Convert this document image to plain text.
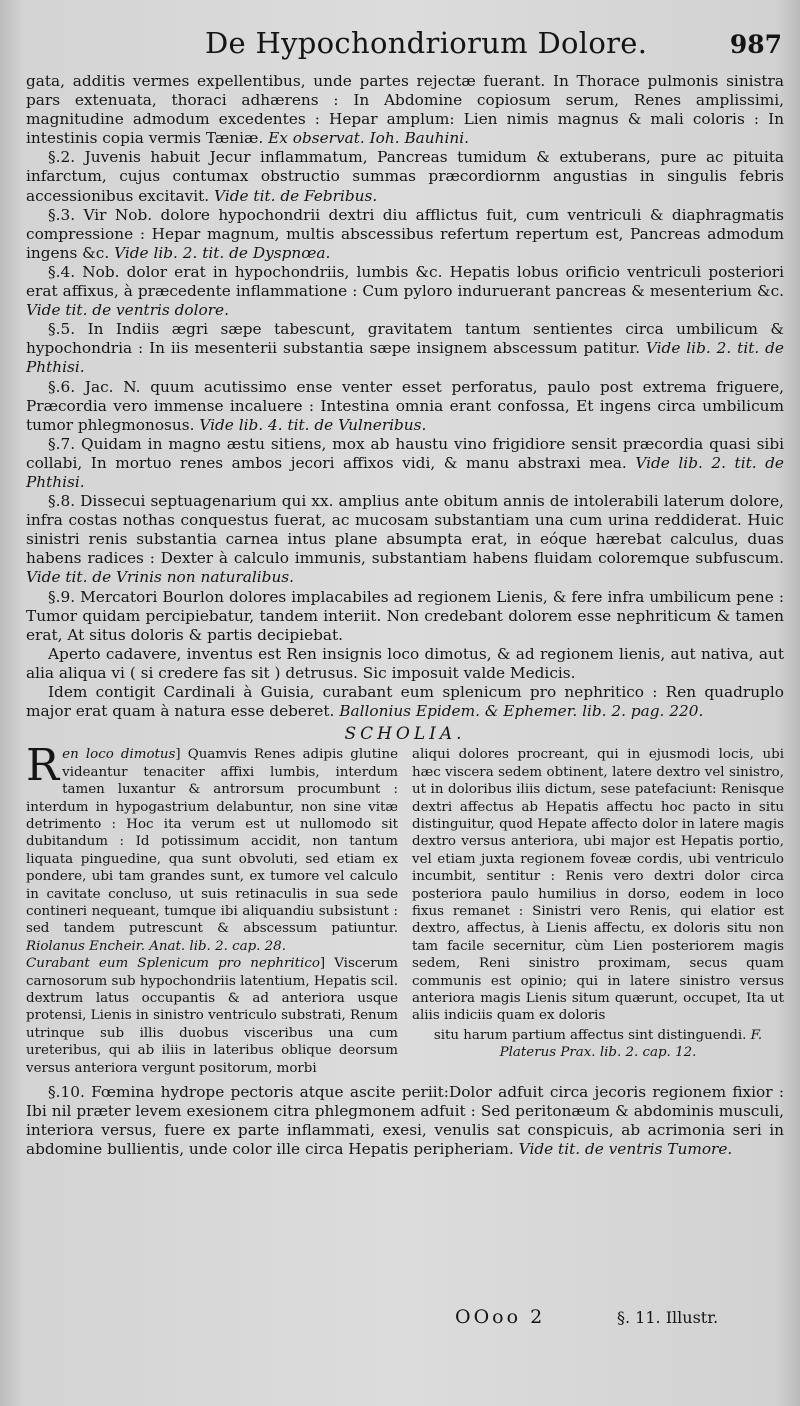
De Hypochondriorum Dolore.	987

gata, additis vermes expellentibus, unde partes rejectæ fuerant. In Thorace pulmonis sinistra pars extenuata, thoraci adhærens : In Abdomine copiosum serum, Renes amplissimi, magnitudine admodum excedentes : Hepar amplum: Lien nimis magnus & mali coloris : In intestinis copia vermis Tæniæ. Ex observat. Ioh. Bauhini.

§.2. Juvenis habuit Jecur inflammatum, Pancreas tumidum & extuberans, pure ac pituita infarctum, cujus contumax obstructio summas præcordiornm angustias in singulis febris accessionibus excitavit. Vide tit. de Febribus.

§.3. Vir Nob. dolore hypochondrii dextri diu afflictus fuit, cum ventriculi & diaphragmatis compressione : Hepar magnum, multis abscessibus refertum repertum est, Pancreas admodum ingens &c. Vide lib. 2. tit. de Dyspnœa.

§.4. Nob. dolor erat in hypochondriis, lumbis &c. Hepatis lobus orificio ventriculi posteriori erat affixus, à præcedente inflammatione : Cum pyloro induruerant pancreas & mesenterium &c. Vide tit. de ventris dolore.

§.5. In Indiis ægri sæpe tabescunt, gravitatem tantum sentientes circa umbilicum & hypochondria : In iis mesenterii substantia sæpe insignem abscessum patitur. Vide lib. 2. tit. de Phthisi.

§.6. Jac. N. quum acutissimo ense venter esset perforatus, paulo post extrema friguere, Præcordia vero immense incaluere : Intestina omnia erant confossa, Et ingens circa umbilicum tumor phlegmonosus. Vide lib. 4. tit. de Vulneribus.

§.7. Quidam in magno æstu sitiens, mox ab haustu vino frigidiore sensit præcordia quasi sibi collabi, In mortuo renes ambos jecori affixos vidi, & manu abstraxi mea. Vide lib. 2. tit. de Phthisi.

§.8. Dissecui septuagenarium qui xx. amplius ante obitum annis de intolerabili laterum dolore, infra costas nothas conquestus fuerat, ac mucosam substantiam una cum urina reddiderat. Huic sinistri renis substantia carnea intus plane absumpta erat, in eóque hærebat calculus, duas habens radices : Dexter à calculo immunis, substantiam habens fluidam coloremque subfuscum. Vide tit. de Vrinis non naturalibus.

§.9. Mercatori Bourlon dolores implacabiles ad regionem Lienis, & fere infra umbilicum pene : Tumor quidam percipiebatur, tandem interiit. Non credebant dolorem esse nephriticum & tamen erat, At situs doloris & partis decipiebat.

Aperto cadavere, inventus est Ren insignis loco dimotus, & ad regionem lienis, aut nativa, aut alia aliqua vi ( si credere fas sit ) detrusus. Sic imposuit valde Medicis.

Idem contigit Cardinali à Guisia, curabant eum splenicum pro nephritico : Ren quadruplo major erat quam à natura esse deberet. Ballonius Epidem. & Ephemer. lib. 2. pag. 220.

SCHOLIA.

Ren loco dimotus] Quamvis Renes adipis glutine videantur tenaciter affixi lumbis, interdum tamen luxantur & antrorsum procumbunt : interdum in hypogastrium delabuntur, non sine vitæ detrimento : Hoc ita verum est ut nullomodo sit dubitandum : Id potissimum accidit, non tantum liquata pinguedine, qua sunt obvoluti, sed etiam ex pondere, ubi tam grandes sunt, ex tumore vel calculo in cavitate concluso, ut suis retinaculis in sua sede contineri nequeant, tumque ibi aliquandiu subsistunt : sed tandem putrescunt & abscessum patiuntur. Riolanus Encheir. Anat. lib. 2. cap. 28.

Curabant eum Splenicum pro nephritico] Viscerum carnosorum sub hypochondriis latentium, Hepatis scil. dextrum latus occupantis & ad anteriora usque protensi, Lienis in sinistro ventriculo substrati, Renum utrinque sub illis duobus visceribus una cum ureteribus, qui ab iliis in lateribus oblique deorsum versus anteriora vergunt positorum, morbi

aliqui dolores procreant, qui in ejusmodi locis, ubi hæc viscera sedem obtinent, latere dextro vel sinistro, ut in doloribus iliis dictum, sese patefaciunt: Renisque dextri affectus ab Hepatis affectu hoc pacto in situ distinguitur, quod Hepate affecto dolor in latere magis dextro versus anteriora, ubi major est Hepatis portio, vel etiam juxta regionem foveæ cordis, ubi ventriculo incumbit, sentitur : Renis vero dextri dolor circa posteriora paulo humilius in dorso, eodem in loco fixus remanet : Sinistri vero Renis, qui elatior est dextro, affectus, à Lienis affectu, ex doloris situ non tam facile secernitur, cùm Lien posteriorem magis sedem, Reni sinistro proximam, secus quam communis est opinio; qui in latere sinistro versus anteriora magis Lienis situm quærunt, occupet, Ita ut aliis indiciis quam ex doloris

situ harum partium affectus sint distinguendi. F. Platerus Prax. lib. 2. cap. 12.

§.10. Fœmina hydrope pectoris atque ascite periit:Dolor adfuit circa jecoris regionem fixior : Ibi nil præter levem exesionem citra phlegmonem adfuit : Sed peritonæum & abdominis musculi, interiora versus, fuere ex parte inflammati, exesi, venulis sat conspicuis, ab acrimonia seri in abdomine bullientis, unde color ille circa Hepatis peripheriam. Vide tit. de ventris Tumore.

OOoo 2	§. 11. Illustr.
